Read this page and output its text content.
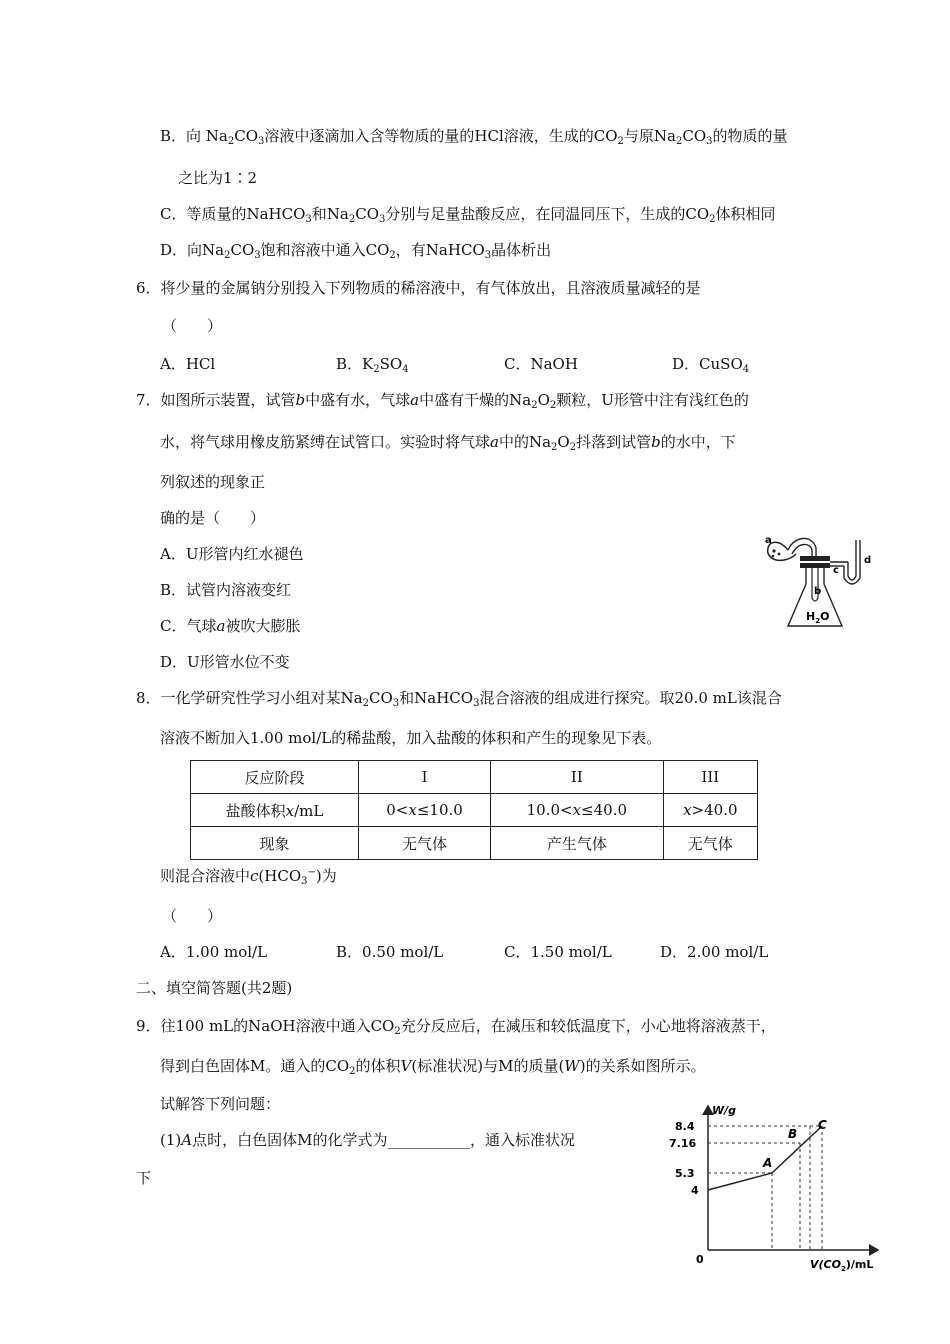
B．向 $Na_2CO_3$溶液中逐滴加入含等物质的量的HCl溶液，生成的$CO_2$与原$Na_2CO_3$的物质的量
之比为1∶2
C．等质量的NaHCO$_3$和$Na_2CO_3$分别与足量盐酸反应，在同温同压下，生成的$CO_2$体积相同
D．向$Na_2CO_3$饱和溶液中通入$CO_2$，有NaHCO$_3$晶体析出
6．将少量的金属钠分别投入下列物质的稀溶液中，有气体放出，且溶液质量减轻的是
（　　）
A．HCl	B．$K_2SO_4$	C．NaOH	D．CuSO$_4$
7．如图所示装置，试管b中盛有水，气球a中盛有干燥的$Na_2O_2$颗粒，U形管中注有浅红色的
水，将气球用橡皮筋紧缚在试管口。实验时将气球a中的$Na_2O_2$抖落到试管b的水中，下
列叙述的现象正
确的是（　　）
A．U形管内红水褪色
B．试管内溶液变红
C．气球a被吹大膨胀
D．U形管水位不变
a
c
d
b
$H_2O$
8．一化学研究性学习小组对某$Na_2CO_3$和NaHCO$_3$混合溶液的组成进行探究。取20.0 mL该混合
溶液不断加入1.00 mol/L的稀盐酸，加入盐酸的体积和产生的现象见下表。
反应阶段	I	II	III
盐酸体积x/mL	0<x≤10.0	10.0<x≤40.0	x>40.0
现象	无气体	产生气体	无气体
则混合溶液中$c(HCO_3^-)$为
（　　）
A．1.00 mol/L	B．0.50 mol/L	C．1.50 mol/L	D．2.00 mol/L
二、填空简答题(共2题)
9．往100 mL的NaOH溶液中通入$CO_2$充分反应后，在减压和较低温度下，小心地将溶液蒸干，
得到白色固体M。通入的$CO_2$的体积V(标准状况)与M的质量(W)的关系如图所示。
试解答下列问题：
(1)A点时，白色固体M的化学式为___________，通入标准状况
下
W/g
8.4
7.16
5.3
4
0
A
B
C
$V(CO_2)/mL$
